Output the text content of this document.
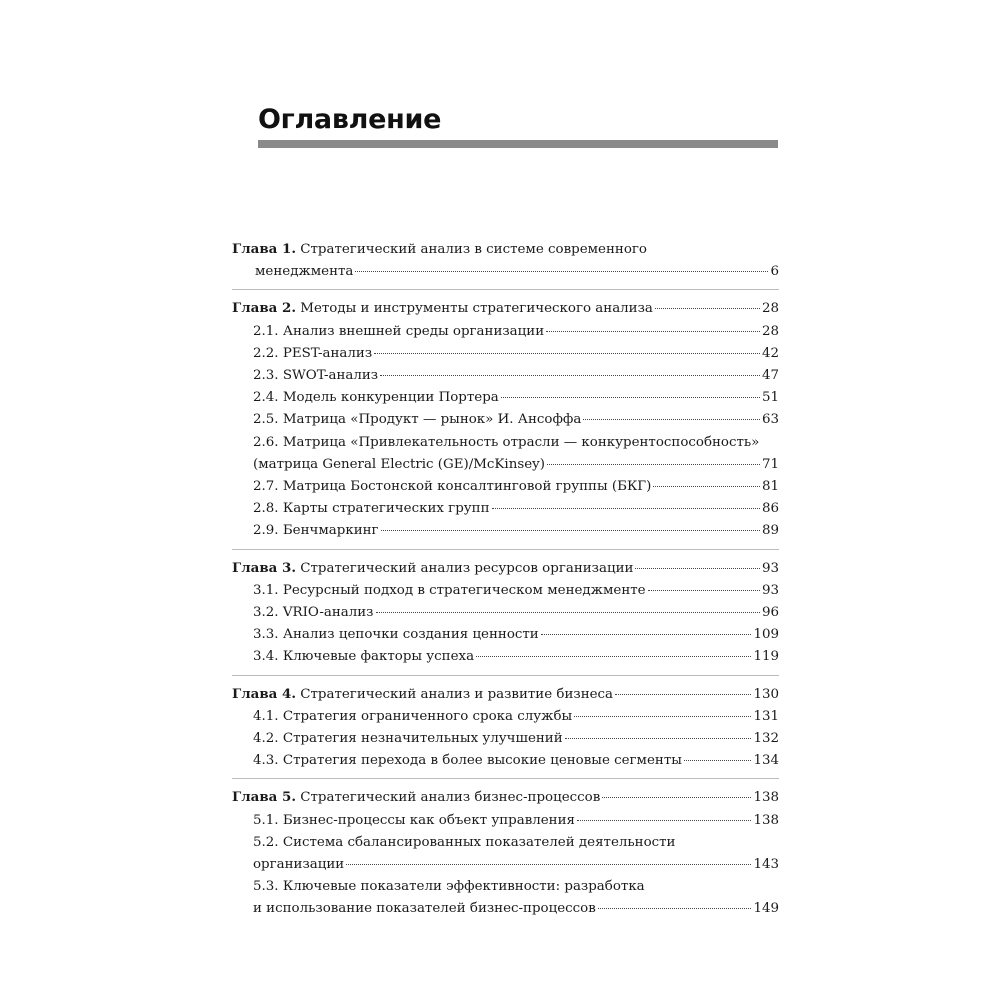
Оглавление
Глава 1. Стратегический анализ в системе современного
менеджмента	6
Глава 2. Методы и инструменты стратегического анализа	28
2.1. Анализ внешней среды организации	28
2.2. PEST-анализ	42
2.3. SWOT-анализ	47
2.4. Модель конкуренции Портера	51
2.5. Матрица «Продукт — рынок» И. Ансоффа	63
2.6. Матрица «Привлекательность отрасли — конкурентоспособность»
(матрица General Electric (GE)/McKinsey)	71
2.7. Матрица Бостонской консалтинговой группы (БКГ)	81
2.8. Карты стратегических групп	86
2.9. Бенчмаркинг	89
Глава 3. Стратегический анализ ресурсов организации	93
3.1. Ресурсный подход в стратегическом менеджменте	93
3.2. VRIO-анализ	96
3.3. Анализ цепочки создания ценности	109
3.4. Ключевые факторы успеха	119
Глава 4. Стратегический анализ и развитие бизнеса	130
4.1. Стратегия ограниченного срока службы	131
4.2. Стратегия незначительных улучшений	132
4.3. Стратегия перехода в более высокие ценовые сегменты	134
Глава 5. Стратегический анализ бизнес-процессов	138
5.1. Бизнес-процессы как объект управления	138
5.2. Система сбалансированных показателей деятельности
организации	143
5.3. Ключевые показатели эффективности: разработка
и использование показателей бизнес-процессов	149
